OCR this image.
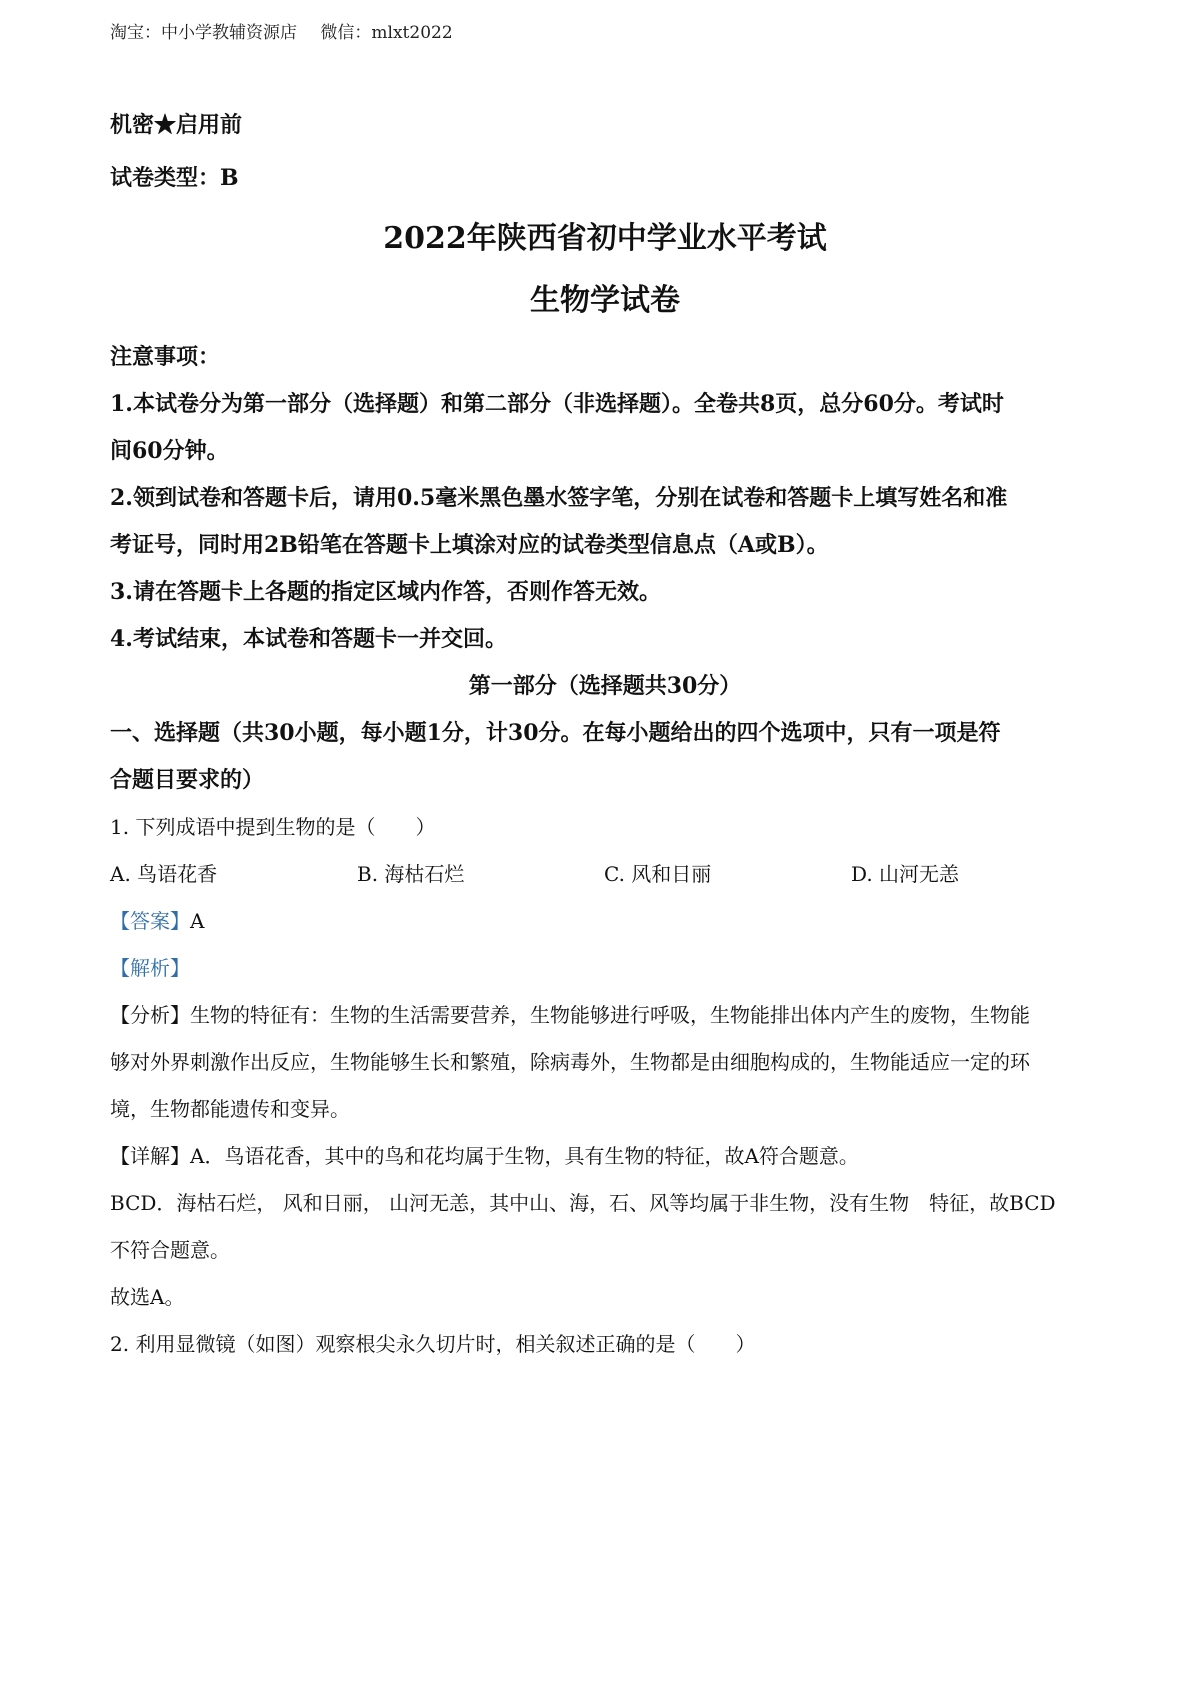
淘宝：中小学教辅资源店 微信：mlxt2022

机密★启用前

试卷类型：B

2022年陕西省初中学业水平考试

生物学试卷

注意事项：

1.本试卷分为第一部分（选择题）和第二部分（非选择题）。全卷共8页，总分60分。考试时

间60分钟。

2.领到试卷和答题卡后，请用0.5毫米黑色墨水签字笔，分别在试卷和答题卡上填写姓名和准

考证号，同时用2B铅笔在答题卡上填涂对应的试卷类型信息点（A或B）。

3.请在答题卡上各题的指定区域内作答，否则作答无效。

4.考试结束，本试卷和答题卡一并交回。

第一部分（选择题共30分）

一、选择题（共30小题，每小题1分，计30分。在每小题给出的四个选项中，只有一项是符

合题目要求的）

1. 下列成语中提到生物的是（　　）

A. 鸟语花香	B. 海枯石烂	C. 风和日丽	D. 山河无恙

【答案】A

【解析】

【分析】生物的特征有：生物的生活需要营养，生物能够进行呼吸，生物能排出体内产生的废物，生物能

够对外界刺激作出反应，生物能够生长和繁殖，除病毒外，生物都是由细胞构成的，生物能适应一定的环

境，生物都能遗传和变异。

【详解】A．鸟语花香，其中的鸟和花均属于生物，具有生物的特征，故A符合题意。

BCD．海枯石烂， 风和日丽， 山河无恙，其中山、海，石、风等均属于非生物，没有生物　特征，故BCD

不符合题意。

故选A。

2. 利用显微镜（如图）观察根尖永久切片时，相关叙述正确的是（　　）
